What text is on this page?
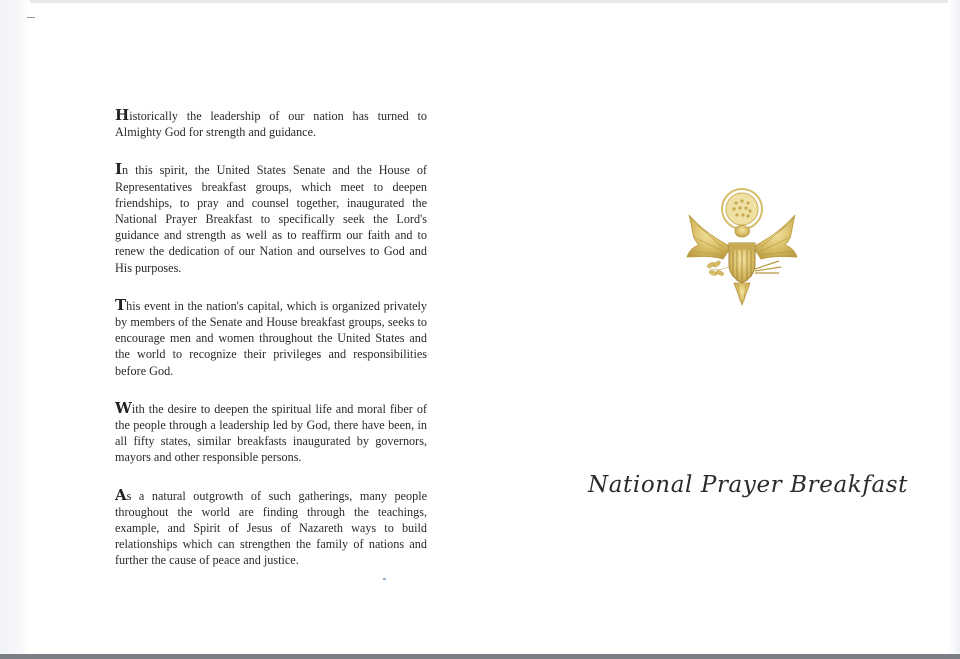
Historically the leadership of our nation has turned to Almighty God for strength and guidance.

In this spirit, the United States Senate and the House of Representatives breakfast groups, which meet to deepen friendships, to pray and counsel together, inaugurated the National Prayer Breakfast to specifically seek the Lord's guidance and strength as well as to reaffirm our faith and to renew the dedication of our Nation and ourselves to God and His purposes.

This event in the nation's capital, which is organized privately by members of the Senate and House breakfast groups, seeks to encourage men and women throughout the United States and the world to recognize their privileges and responsibilities before God.

With the desire to deepen the spiritual life and moral fiber of the people through a leadership led by God, there have been, in all fifty states, similar breakfasts inaugurated by governors, mayors and other responsible persons.

As a natural outgrowth of such gatherings, many people throughout the world are finding through the teachings, example, and Spirit of Jesus of Nazareth ways to build relationships which can strengthen the family of nations and further the cause of peace and justice.

National Prayer Breakfast
